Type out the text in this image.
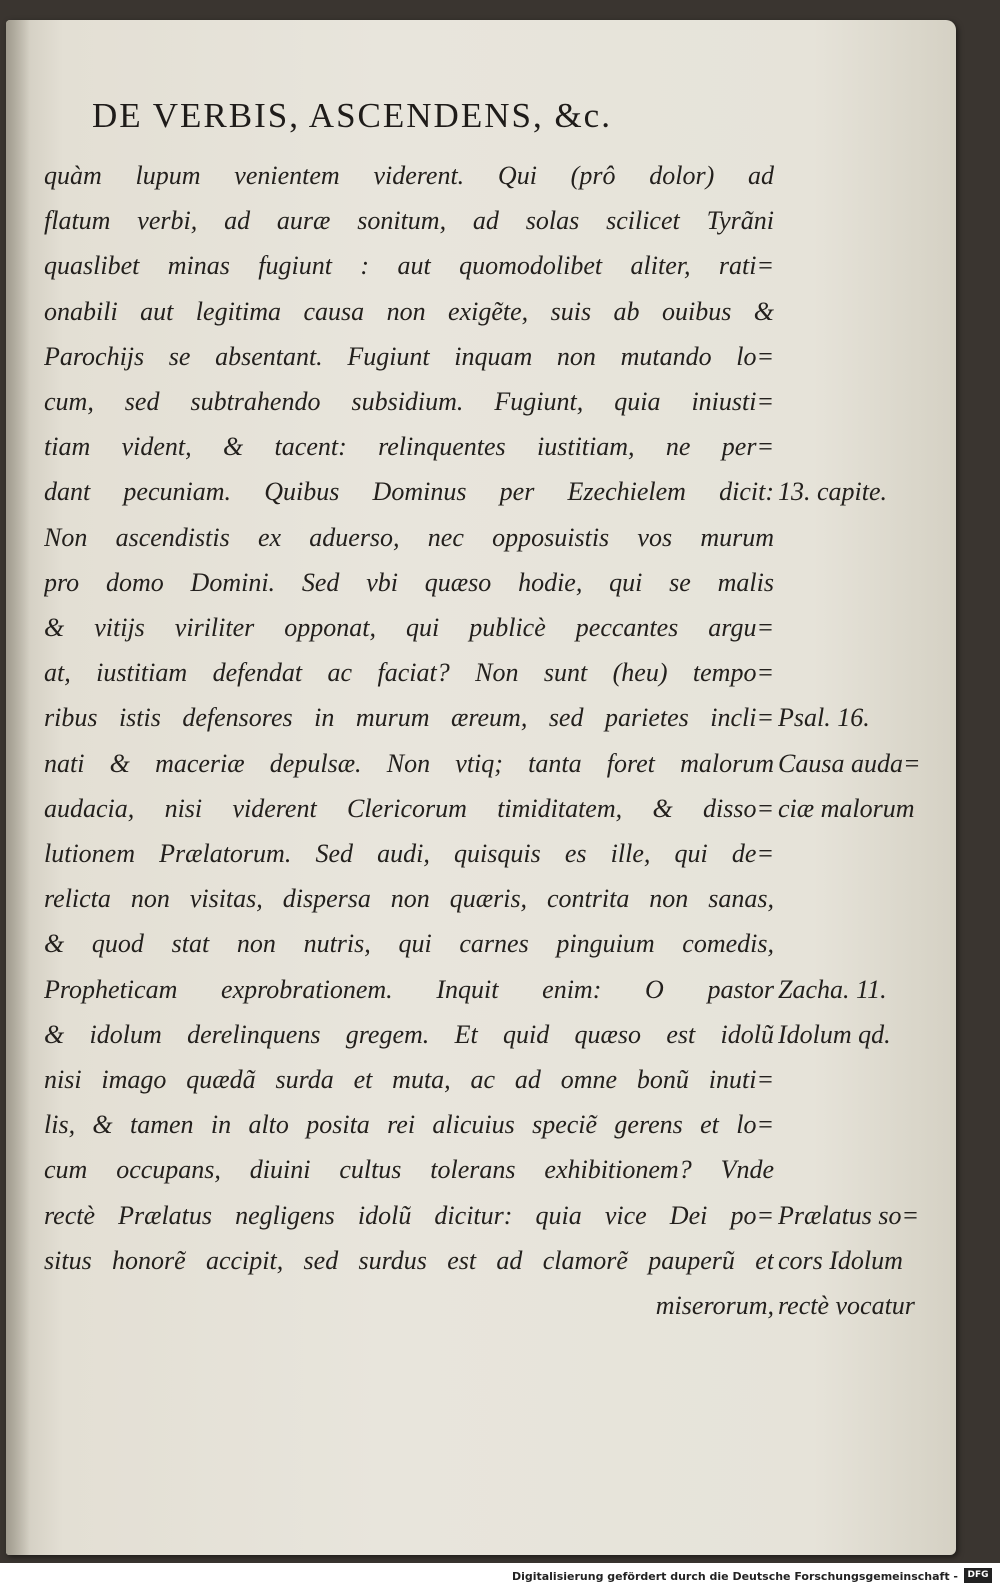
DE VERBIS, ASCENDENS, &c.
quàm lupum venientem viderent. Qui (prô dolor) ad
flatum verbi, ad auræ sonitum, ad solas scilicet Tyrãni
quaslibet minas fugiunt : aut quomodolibet aliter, rati=
onabili aut legitima causa non exigẽte, suis ab ouibus &
Parochijs se absentant. Fugiunt inquam non mutando lo=
cum, sed subtrahendo subsidium. Fugiunt, quia iniusti=
tiam vident, & tacent: relinquentes iustitiam, ne per=
dant pecuniam. Quibus Dominus per Ezechielem dicit:
Non ascendistis ex aduerso, nec opposuistis vos murum
pro domo Domini. Sed vbi quæso hodie, qui se malis
& vitijs viriliter opponat, qui publicè peccantes argu=
at, iustitiam defendat ac faciat? Non sunt (heu) tempo=
ribus istis defensores in murum æreum, sed parietes incli=
nati & maceriæ depulsæ. Non vtiq; tanta foret malorum
audacia, nisi viderent Clericorum timiditatem, & disso=
lutionem Prælatorum. Sed audi, quisquis es ille, qui de=
relicta non visitas, dispersa non quæris, contrita non sanas,
& quod stat non nutris, qui carnes pinguium comedis,
Propheticam exprobrationem. Inquit enim: O pastor
& idolum derelinquens gregem. Et quid quæso est idolũ
nisi imago quædã surda et muta, ac ad omne bonũ inuti=
lis, & tamen in alto posita rei alicuius speciẽ gerens et lo=
cum occupans, diuini cultus tolerans exhibitionem? Vnde
rectè Prælatus negligens idolũ dicitur: quia vice Dei po=
situs honorẽ accipit, sed surdus est ad clamorẽ pauperũ et
miserorum,
13. capite.
Psal. 16.
Causa auda=
ciæ malorum
Zacha. 11.
Idolum qd.
Prælatus so=
cors Idolum
rectè vocatur
Digitalisierung gefördert durch die Deutsche Forschungsgemeinschaft -	DFG
